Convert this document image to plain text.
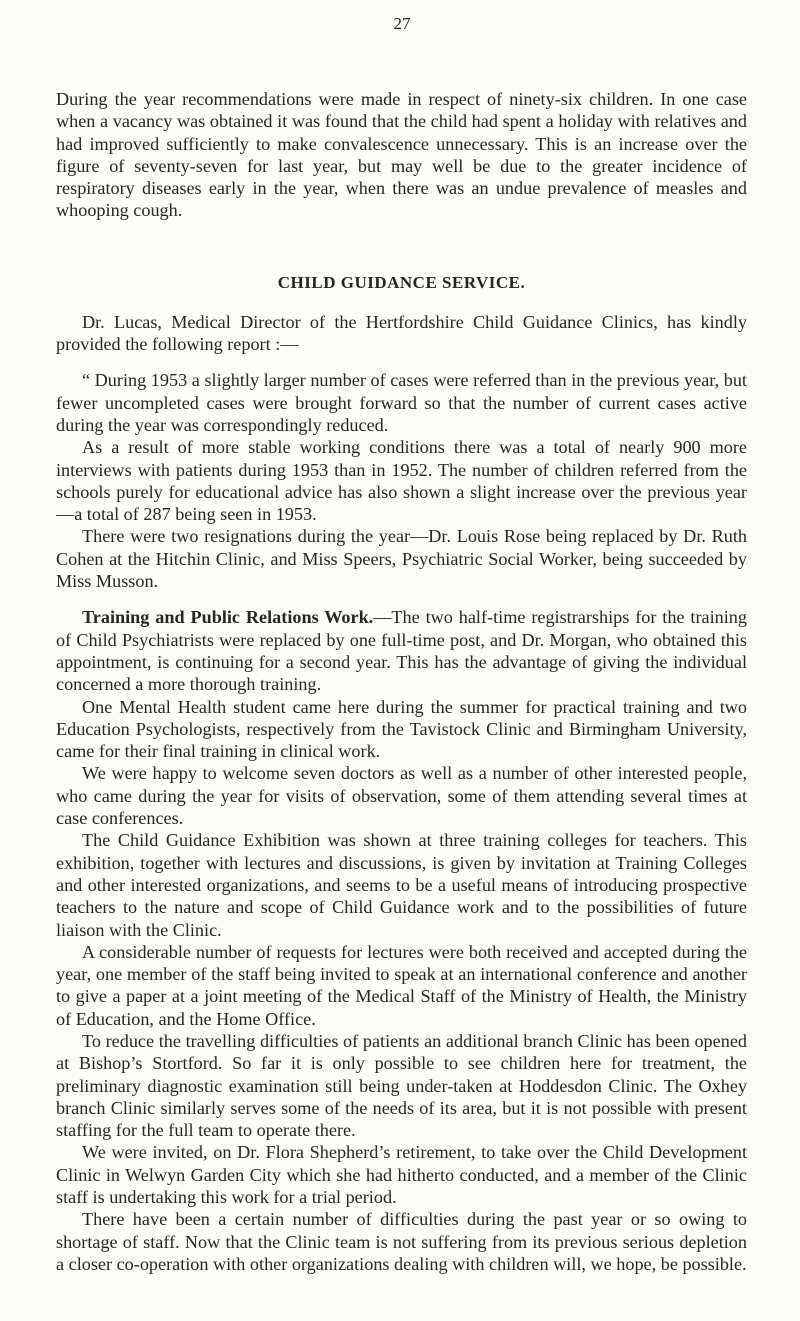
27

During the year recommendations were made in respect of ninety-six children. In one case when a vacancy was obtained it was found that the child had spent a holiday with relatives and had improved sufficiently to make convalescence unnecessary. This is an increase over the figure of seventy-seven for last year, but may well be due to the greater incidence of respiratory diseases early in the year, when there was an undue prevalence of measles and whooping cough.

CHILD GUIDANCE SERVICE.

Dr. Lucas, Medical Director of the Hertfordshire Child Guidance Clinics, has kindly provided the following report :—

“ During 1953 a slightly larger number of cases were referred than in the previous year, but fewer uncompleted cases were brought forward so that the number of current cases active during the year was correspondingly reduced.

As a result of more stable working conditions there was a total of nearly 900 more interviews with patients during 1953 than in 1952. The number of children referred from the schools purely for educational advice has also shown a slight increase over the previous year—a total of 287 being seen in 1953.

There were two resignations during the year—Dr. Louis Rose being replaced by Dr. Ruth Cohen at the Hitchin Clinic, and Miss Speers, Psychiatric Social Worker, being succeeded by Miss Musson.

Training and Public Relations Work.—The two half-time registrarships for the training of Child Psychiatrists were replaced by one full-time post, and Dr. Morgan, who obtained this appointment, is continuing for a second year. This has the advantage of giving the individual concerned a more thorough training.

One Mental Health student came here during the summer for practical training and two Education Psychologists, respectively from the Tavistock Clinic and Birmingham University, came for their final training in clinical work.

We were happy to welcome seven doctors as well as a number of other interested people, who came during the year for visits of observation, some of them attending several times at case conferences.

The Child Guidance Exhibition was shown at three training colleges for teachers. This exhibition, together with lectures and discussions, is given by invitation at Training Colleges and other interested organizations, and seems to be a useful means of introducing prospective teachers to the nature and scope of Child Guidance work and to the possibilities of future liaison with the Clinic.

A considerable number of requests for lectures were both received and accepted during the year, one member of the staff being invited to speak at an international conference and another to give a paper at a joint meeting of the Medical Staff of the Ministry of Health, the Ministry of Education, and the Home Office.

To reduce the travelling difficulties of patients an additional branch Clinic has been opened at Bishop’s Stortford. So far it is only possible to see children here for treatment, the preliminary diagnostic examination still being under-taken at Hoddesdon Clinic. The Oxhey branch Clinic similarly serves some of the needs of its area, but it is not possible with present staffing for the full team to operate there.

We were invited, on Dr. Flora Shepherd’s retirement, to take over the Child Development Clinic in Welwyn Garden City which she had hitherto conducted, and a member of the Clinic staff is undertaking this work for a trial period.

There have been a certain number of difficulties during the past year or so owing to shortage of staff. Now that the Clinic team is not suffering from its previous serious depletion a closer co-operation with other organizations dealing with children will, we hope, be possible.
